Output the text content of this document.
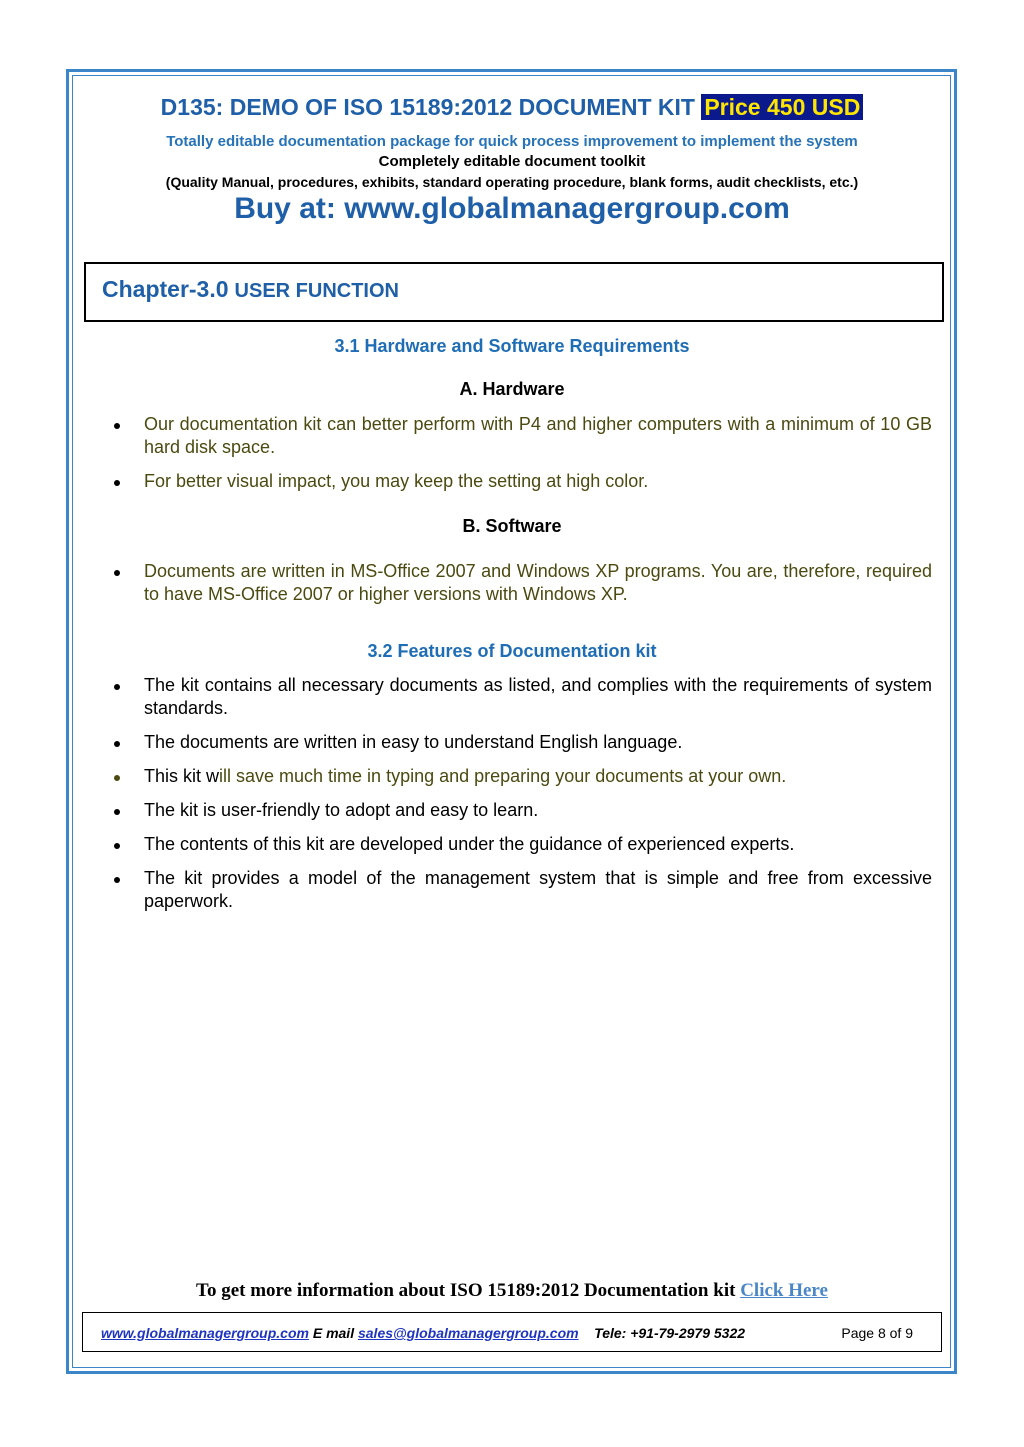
D135: DEMO OF ISO 15189:2012 DOCUMENT KIT Price 450 USD
Totally editable documentation package for quick process improvement to implement the system
Completely editable document toolkit
(Quality Manual, procedures, exhibits, standard operating procedure, blank forms, audit checklists, etc.)
Buy at: www.globalmanagergroup.com
Chapter-3.0 USER FUNCTION
3.1 Hardware and Software Requirements
A. Hardware
Our documentation kit can better perform with P4 and higher computers with a minimum of 10 GB hard disk space.
For better visual impact, you may keep the setting at high color.
B. Software
Documents are written in MS-Office 2007 and Windows XP programs. You are, therefore, required to have MS-Office 2007 or higher versions with Windows XP.
3.2 Features of Documentation kit
The kit contains all necessary documents as listed, and complies with the requirements of system standards.
The documents are written in easy to understand English language.
This kit will save much time in typing and preparing your documents at your own.
The kit is user-friendly to adopt and easy to learn.
The contents of this kit are developed under the guidance of experienced experts.
The kit provides a model of the management system that is simple and free from excessive paperwork.
To get more information about ISO 15189:2012 Documentation kit Click Here
www.globalmanagergroup.com E mail sales@globalmanagergroup.com Tele: +91-79-2979 5322	Page 8 of 9
